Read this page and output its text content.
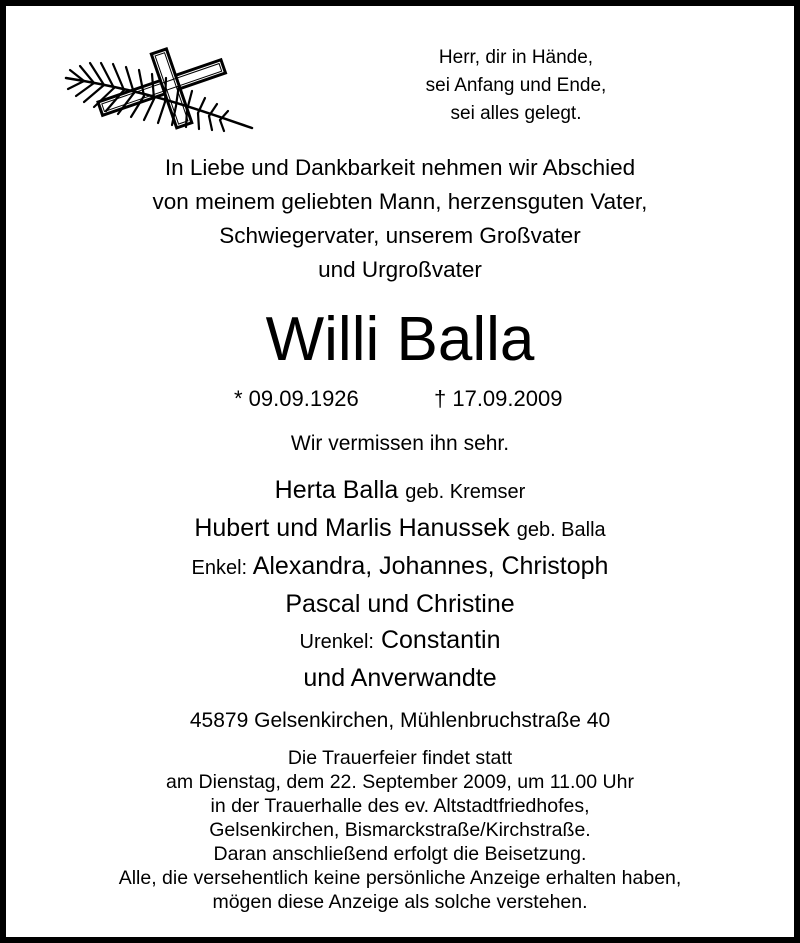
Herr, dir in Hände,
sei Anfang und Ende,
sei alles gelegt.
In Liebe und Dankbarkeit nehmen wir Abschied
von meinem geliebten Mann, herzensguten Vater,
Schwiegervater, unserem Großvater
und Urgroßvater
Willi Balla
* 09.09.1926	† 17.09.2009
Wir vermissen ihn sehr.
Herta Balla geb. Kremser
Hubert und Marlis Hanussek geb. Balla
Enkel: Alexandra, Johannes, Christoph
Pascal und Christine
Urenkel: Constantin
und Anverwandte
45879 Gelsenkirchen, Mühlenbruchstraße 40
Die Trauerfeier findet statt
am Dienstag, dem 22. September 2009, um 11.00 Uhr
in der Trauerhalle des ev. Altstadtfriedhofes,
Gelsenkirchen, Bismarckstraße/Kirchstraße.
Daran anschließend erfolgt die Beisetzung.
Alle, die versehentlich keine persönliche Anzeige erhalten haben,
mögen diese Anzeige als solche verstehen.
